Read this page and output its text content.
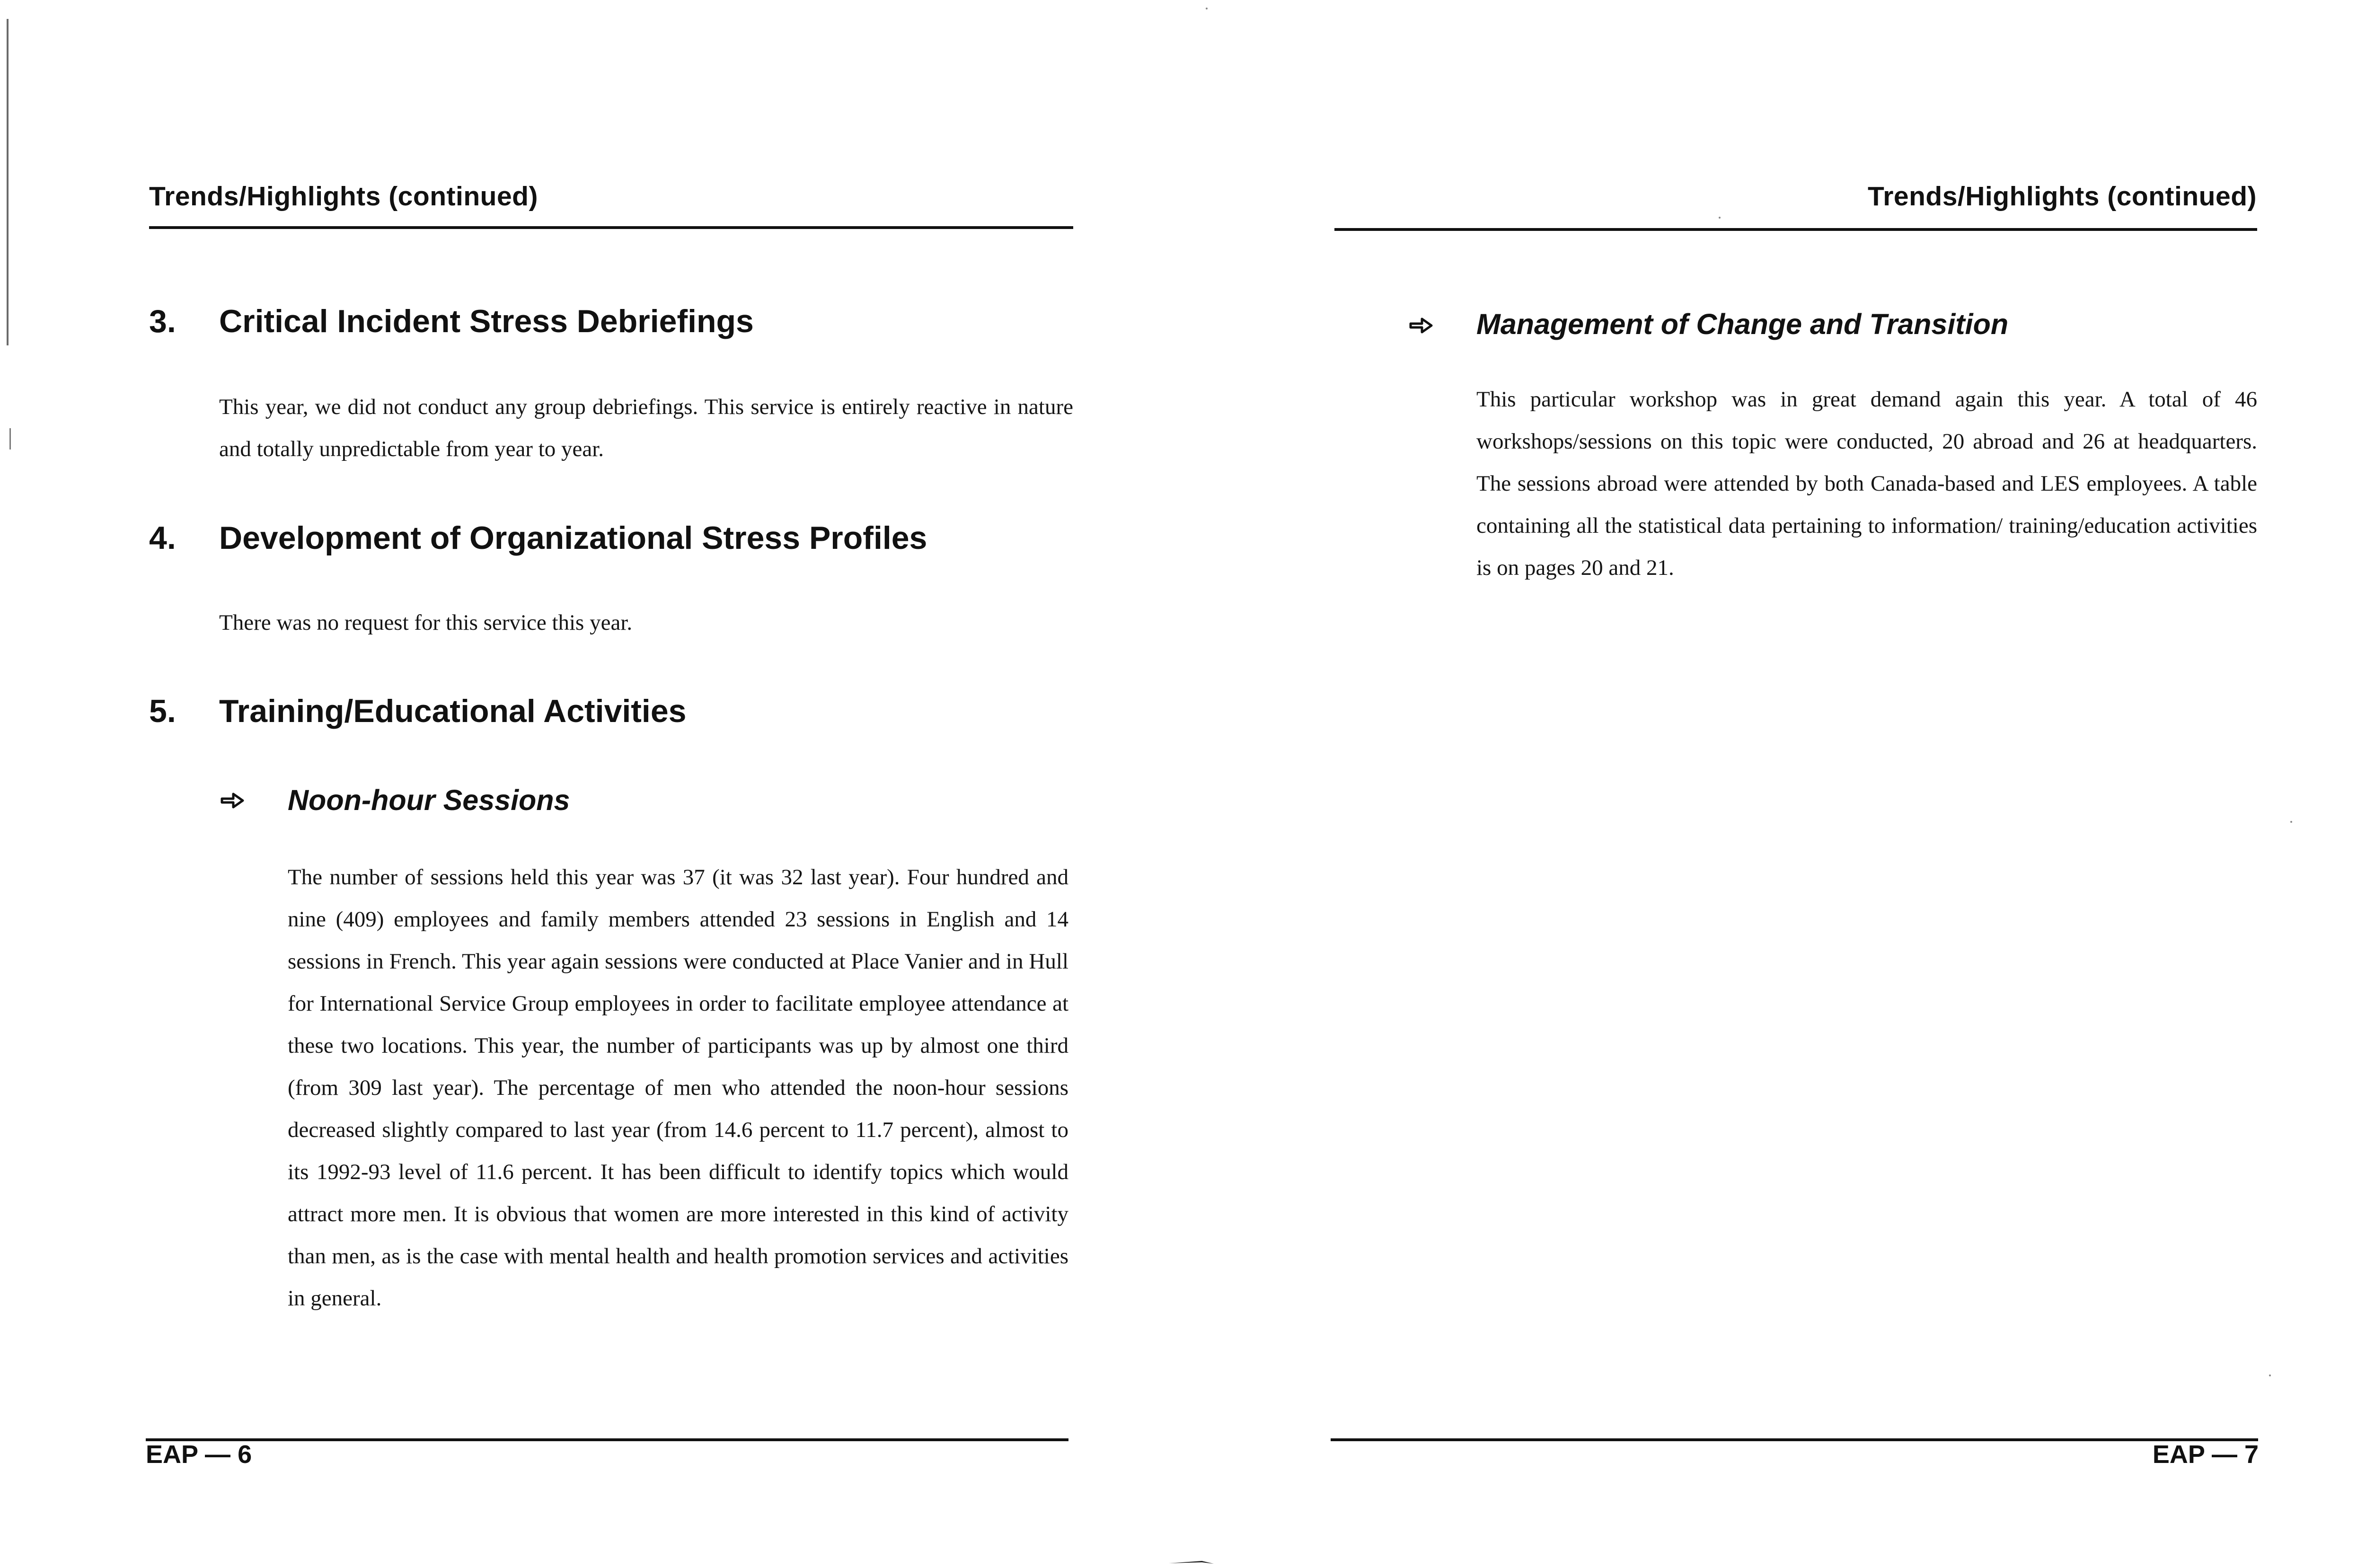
Trends/Highlights (continued)
3. Critical Incident Stress Debriefings
This year, we did not conduct any group debriefings. This service is entirely reactive in nature and totally unpredictable from year to year.
4. Development of Organizational Stress Profiles
There was no request for this service this year.
5. Training/Educational Activities
Noon-hour Sessions
The number of sessions held this year was 37 (it was 32 last year). Four hundred and nine (409) employees and family members attended 23 sessions in English and 14 sessions in French. This year again sessions were conducted at Place Vanier and in Hull for International Service Group employees in order to facilitate employee attendance at these two locations. This year, the number of participants was up by almost one third (from 309 last year). The percentage of men who attended the noon-hour sessions decreased slightly compared to last year (from 14.6 percent to 11.7 percent), almost to its 1992-93 level of 11.6 percent. It has been difficult to identify topics which would attract more men. It is obvious that women are more interested in this kind of activity than men, as is the case with mental health and health promotion services and activities in general.
EAP — 6
Trends/Highlights (continued)
Management of Change and Transition
This particular workshop was in great demand again this year. A total of 46 workshops/sessions on this topic were conducted, 20 abroad and 26 at headquarters. The sessions abroad were attended by both Canada-based and LES employees. A table containing all the statistical data pertaining to information/ training/education activities is on pages 20 and 21.
EAP — 7
